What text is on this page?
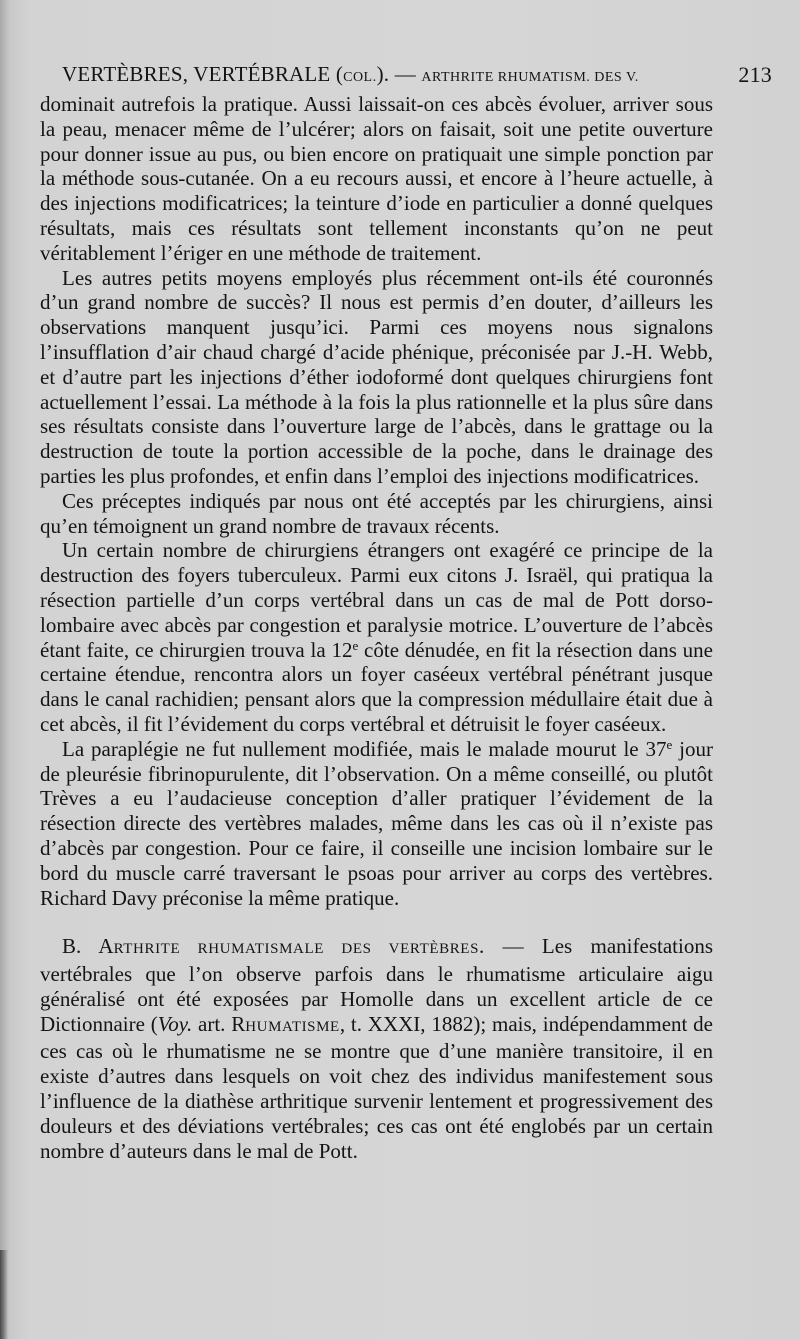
VERTÈBRES, VERTÉBRALE (COL.). — ARTHRITE RHUMATISM. DES V.	213

dominait autrefois la pratique. Aussi laissait-on ces abcès évoluer, arriver sous la peau, menacer même de l’ulcérer; alors on faisait, soit une petite ouverture pour donner issue au pus, ou bien encore on pratiquait une simple ponction par la méthode sous-cutanée. On a eu recours aussi, et encore à l’heure actuelle, à des injections modificatrices; la teinture d’iode en particulier a donné quelques résultats, mais ces résultats sont tellement inconstants qu’on ne peut véritablement l’ériger en une méthode de traitement.

Les autres petits moyens employés plus récemment ont-ils été couronnés d’un grand nombre de succès? Il nous est permis d’en douter, d’ailleurs les observations manquent jusqu’ici. Parmi ces moyens nous signalons l’insufflation d’air chaud chargé d’acide phénique, préconisée par J.-H. Webb, et d’autre part les injections d’éther iodoformé dont quelques chirurgiens font actuellement l’essai. La méthode à la fois la plus rationnelle et la plus sûre dans ses résultats consiste dans l’ouverture large de l’abcès, dans le grattage ou la destruction de toute la portion accessible de la poche, dans le drainage des parties les plus profondes, et enfin dans l’emploi des injections modificatrices.

Ces préceptes indiqués par nous ont été acceptés par les chirurgiens, ainsi qu’en témoignent un grand nombre de travaux récents.

Un certain nombre de chirurgiens étrangers ont exagéré ce principe de la destruction des foyers tuberculeux. Parmi eux citons J. Israël, qui pratiqua la résection partielle d’un corps vertébral dans un cas de mal de Pott dorso-lombaire avec abcès par congestion et paralysie motrice. L’ouverture de l’abcès étant faite, ce chirurgien trouva la 12e côte dénudée, en fit la résection dans une certaine étendue, rencontra alors un foyer caséeux vertébral pénétrant jusque dans le canal rachidien; pensant alors que la compression médullaire était due à cet abcès, il fit l’évidement du corps vertébral et détruisit le foyer caséeux.

La paraplégie ne fut nullement modifiée, mais le malade mourut le 37e jour de pleurésie fibrinopurulente, dit l’observation. On a même conseillé, ou plutôt Trèves a eu l’audacieuse conception d’aller pratiquer l’évidement de la résection directe des vertèbres malades, même dans les cas où il n’existe pas d’abcès par congestion. Pour ce faire, il conseille une incision lombaire sur le bord du muscle carré traversant le psoas pour arriver au corps des vertèbres. Richard Davy préconise la même pratique.

B. ARTHRITE RHUMATISMALE DES VERTÈBRES. — Les manifestations vertébrales que l’on observe parfois dans le rhumatisme articulaire aigu généralisé ont été exposées par Homolle dans un excellent article de ce Dictionnaire (Voy. art. RHUMATISME, t. XXXI, 1882); mais, indépendamment de ces cas où le rhumatisme ne se montre que d’une manière transitoire, il en existe d’autres dans lesquels on voit chez des individus manifestement sous l’influence de la diathèse arthritique survenir lentement et progressivement des douleurs et des déviations vertébrales; ces cas ont été englobés par un certain nombre d’auteurs dans le mal de Pott.
